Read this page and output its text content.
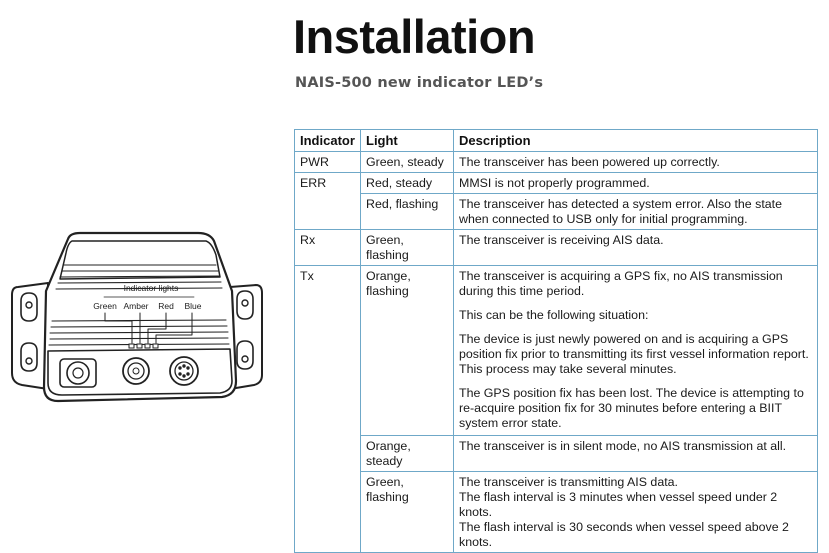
Installation
NAIS-500 new indicator LED’s
Indicator lights
Green Amber Red Blue
Indicator	Light	Description
PWR	Green, steady	The transceiver has been powered up correctly.
ERR	Red, steady	MMSI is not properly programmed.
	Red, flashing	The transceiver has detected a system error. Also the state when connected to USB only for initial programming.
Rx	Green, flashing	The transceiver is receiving AIS data.
Tx	Orange, flashing	The transceiver is acquiring a GPS fix, no AIS transmission during this time period.

This can be the following situation:

The device is just newly powered on and is acquiring a GPS position fix prior to transmitting its first vessel information report. This process may take several minutes.

The GPS position fix has been lost. The device is attempting to re-acquire position fix for 30 minutes before entering a BIIT system error state.

	Orange, steady	The transceiver is in silent mode, no AIS transmission at all.
	Green, flashing	The transceiver is transmitting AIS data.
The flash interval is 3 minutes when vessel speed under 2 knots.
The flash interval is 30 seconds when vessel speed above 2 knots.
